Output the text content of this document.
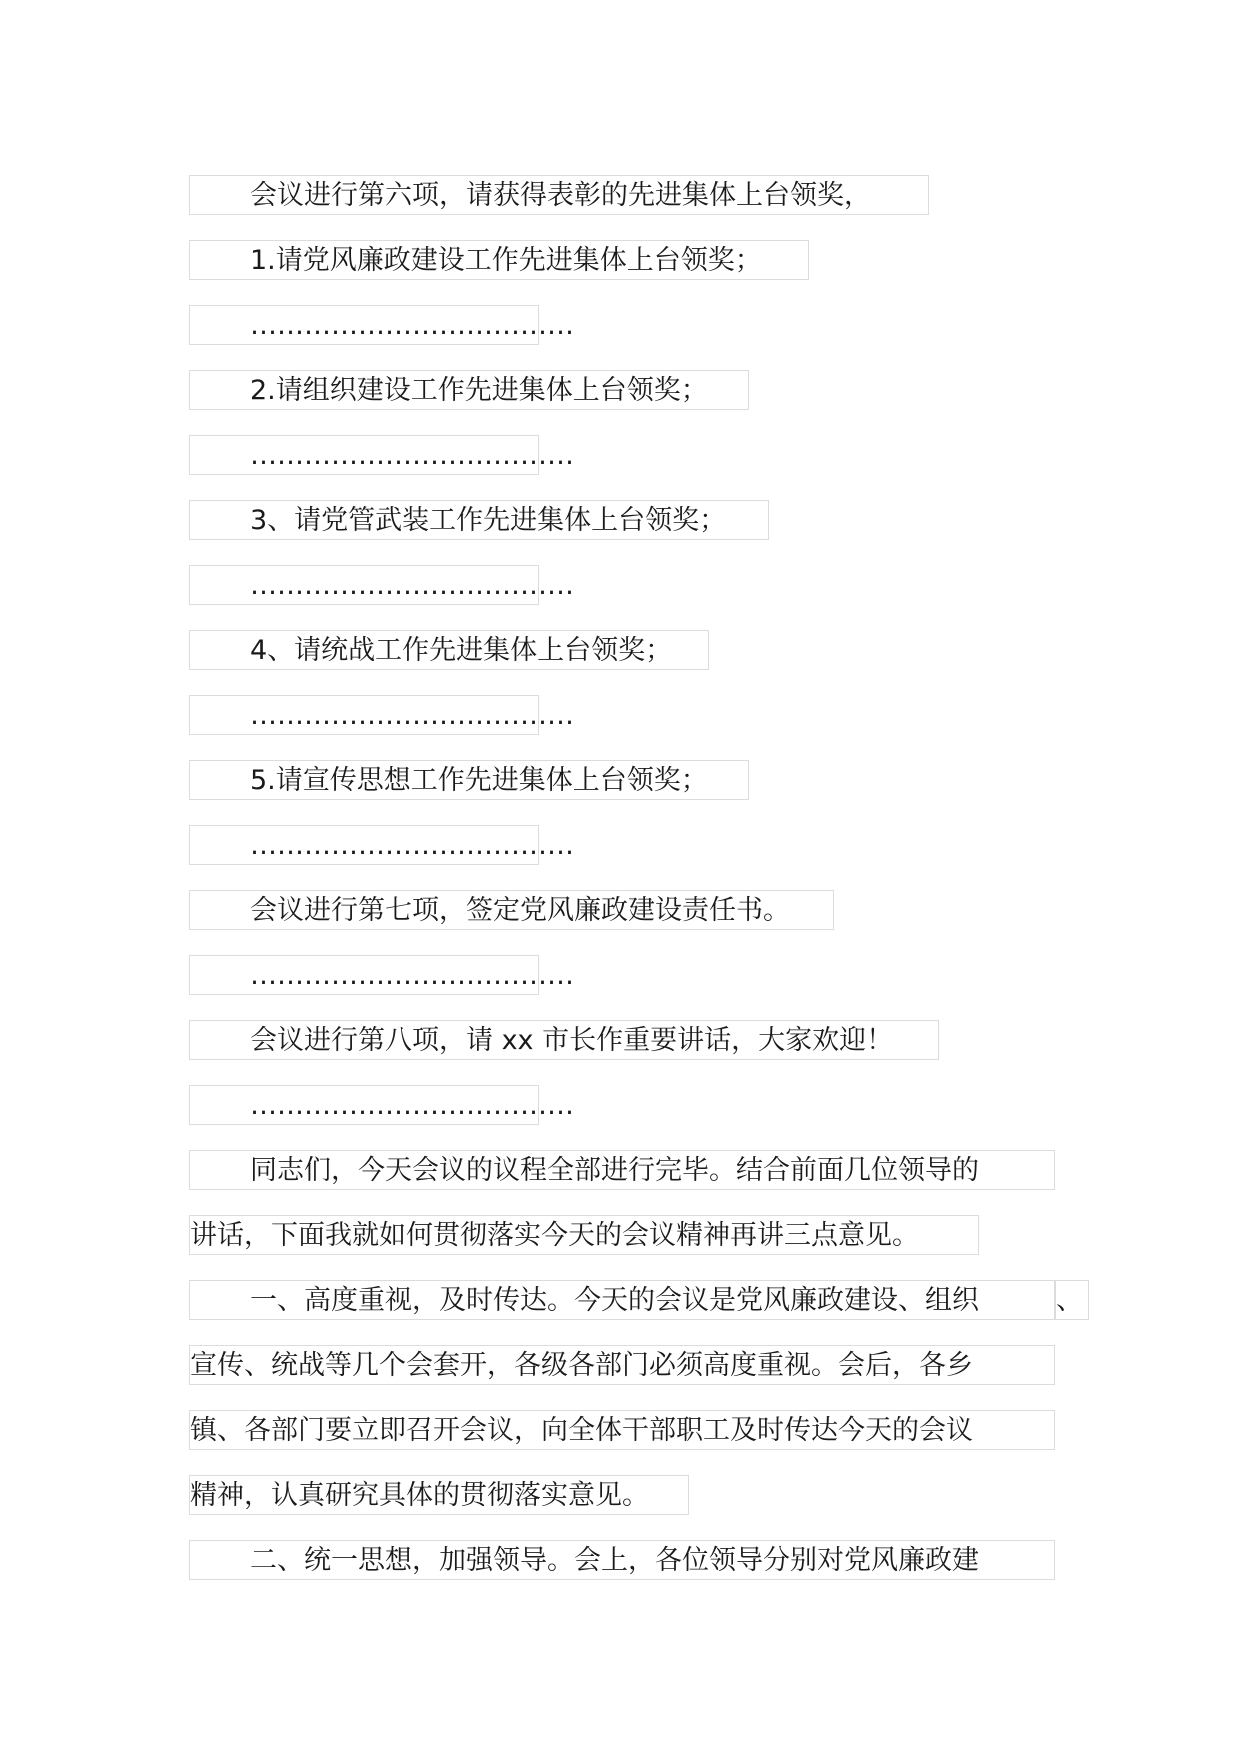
会议进行第六项，请获得表彰的先进集体上台领奖，
1.请党风廉政建设工作先进集体上台领奖；
………………………………
2.请组织建设工作先进集体上台领奖；
………………………………
3、请党管武装工作先进集体上台领奖；
………………………………
4、请统战工作先进集体上台领奖；
………………………………
5.请宣传思想工作先进集体上台领奖；
………………………………
会议进行第七项，签定党风廉政建设责任书。
………………………………
会议进行第八项，请 xx 市长作重要讲话，大家欢迎！
………………………………
同志们，今天会议的议程全部进行完毕。结合前面几位领导的
讲话，下面我就如何贯彻落实今天的会议精神再讲三点意见。
一、高度重视，及时传达。今天的会议是党风廉政建设、组织	、
宣传、统战等几个会套开，各级各部门必须高度重视。会后，各乡
镇、各部门要立即召开会议，向全体干部职工及时传达今天的会议
精神，认真研究具体的贯彻落实意见。
二、统一思想，加强领导。会上，各位领导分别对党风廉政建
